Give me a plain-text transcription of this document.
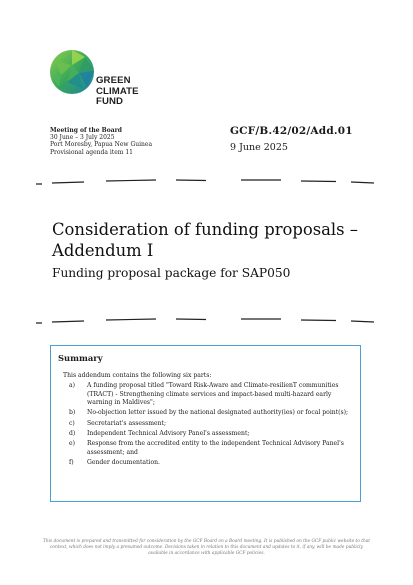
GREEN
CLIMATE
FUND
Meeting of the Board
30 June – 3 July 2025
Port Moresby, Papua New Guinea
Provisional agenda item 11
GCF/B.42/02/Add.01
9 June 2025
Consideration of funding proposals –
Addendum I
Funding proposal package for SAP050
Summary
This addendum contains the following six parts:
a) A funding proposal titled "Toward Risk-Aware and Climate-resilienT communities (TRACT) - Strengthening climate services and impact-based multi-hazard early warning in Maldives";
b) No-objection letter issued by the national designated authority(ies) or focal point(s);
c) Secretariat's assessment;
d) Independent Technical Advisory Panel's assessment;
e) Response from the accredited entity to the independent Technical Advisory Panel's assessment; and
f) Gender documentation.
This document is prepared and transmitted for consideration by the GCF Board on a Board meeting. It is published on the GCF public website to that context, which does not imply a presumed outcome. Decisions taken in relation to this document and updates to it, if any, will be made publicly available in accordance with applicable GCF policies.
